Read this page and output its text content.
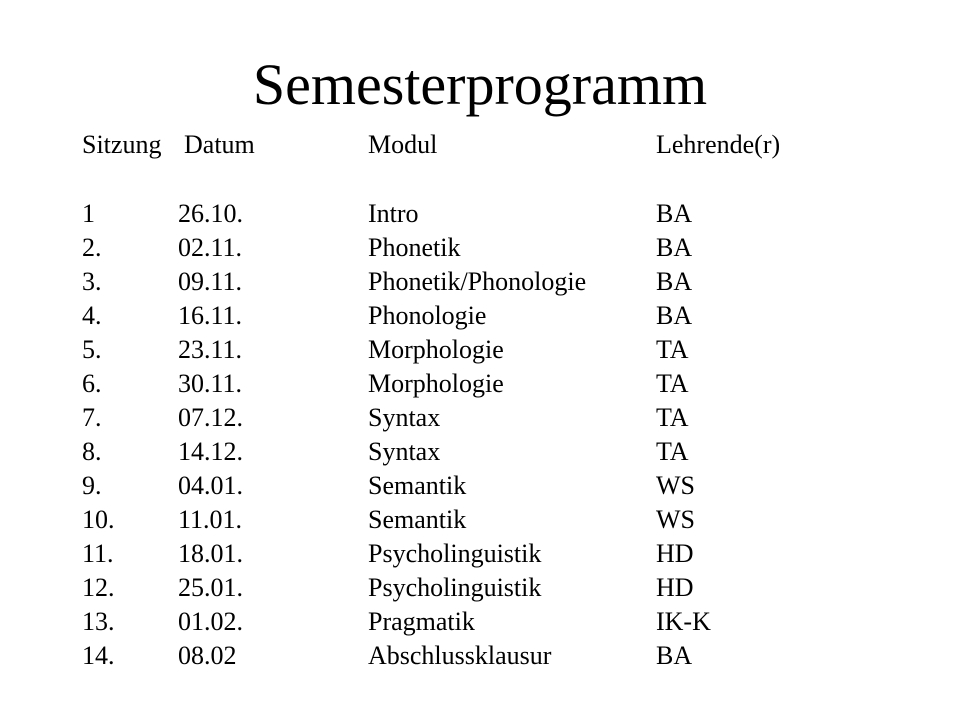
Semesterprogramm
Sitzung Datum	Modul	Lehrende(r)
1	26.10.	Intro	BA
2.	02.11.	Phonetik	BA
3.	09.11.	Phonetik/Phonologie	BA
4.	16.11.	Phonologie	BA
5.	23.11.	Morphologie	TA
6.	30.11.	Morphologie	TA
7.	07.12.	Syntax	TA
8.	14.12.	Syntax	TA
9.	04.01.	Semantik	WS
10. 11.01.	Semantik	WS
11. 18.01.	Psycholinguistik	HD
12. 25.01.	Psycholinguistik	HD
13. 01.02.	Pragmatik	IK-K
14. 08.02	Abschlussklausur	BA
